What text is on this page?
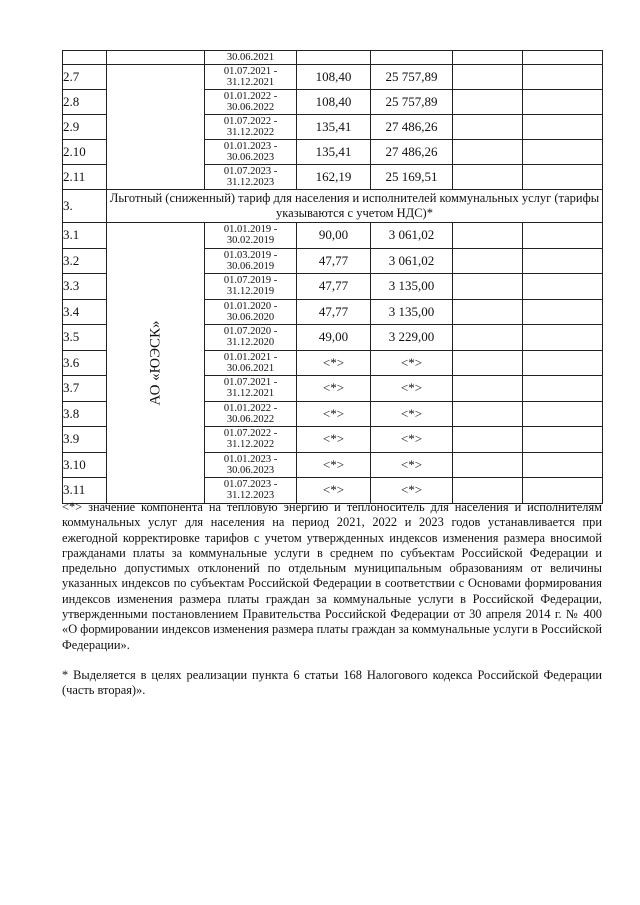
		30.06.2021				
2.7		01.07.2021 -
31.12.2021	108,40	25 757,89		
2.8		01.01.2022 -
30.06.2022	108,40	25 757,89		
2.9		01.07.2022 -
31.12.2022	135,41	27 486,26		
2.10		01.01.2023 -
30.06.2023	135,41	27 486,26		
2.11		01.07.2023 -
31.12.2023	162,19	25 169,51		
3.	Льготный (сниженный) тариф для населения и исполнителей коммунальных услуг (тарифы указываются с учетом НДС)*					
3.1	АО «ЮЭСК»	01.01.2019 -
30.02.2019	90,00	3 061,02		
3.2		01.03.2019 -
30.06.2019	47,77	3 061,02		
3.3		01.07.2019 -
31.12.2019	47,77	3 135,00		
3.4		01.01.2020 -
30.06.2020	47,77	3 135,00		
3.5		01.07.2020 -
31.12.2020	49,00	3 229,00		
3.6		01.01.2021 -
30.06.2021	<*>	<*>		
3.7		01.07.2021 -
31.12.2021	<*>	<*>		
3.8		01.01.2022 -
30.06.2022	<*>	<*>		
3.9		01.07.2022 -
31.12.2022	<*>	<*>		
3.10		01.01.2023 -
30.06.2023	<*>	<*>		
3.11		01.07.2023 -
31.12.2023	<*>	<*>		

<*> значение компонента на тепловую энергию и теплоноситель для населения и исполнителям коммунальных услуг для населения на период 2021, 2022 и 2023 годов устанавливается при ежегодной корректировке тарифов с учетом утвержденных индексов изменения размера вносимой гражданами платы за коммунальные услуги в среднем по субъектам Российской Федерации и предельно допустимых отклонений по отдельным муниципальным образованиям от величины указанных индексов по субъектам Российской Федерации в соответствии с Основами формирования индексов изменения размера платы граждан за коммунальные услуги в Российской Федерации, утвержденными постановлением Правительства Российской Федерации от 30 апреля 2014 г. № 400 «О формировании индексов изменения размера платы граждан за коммунальные услуги в Российской Федерации».

* Выделяется в целях реализации пункта 6 статьи 168 Налогового кодекса Российской Федерации (часть вторая)».
